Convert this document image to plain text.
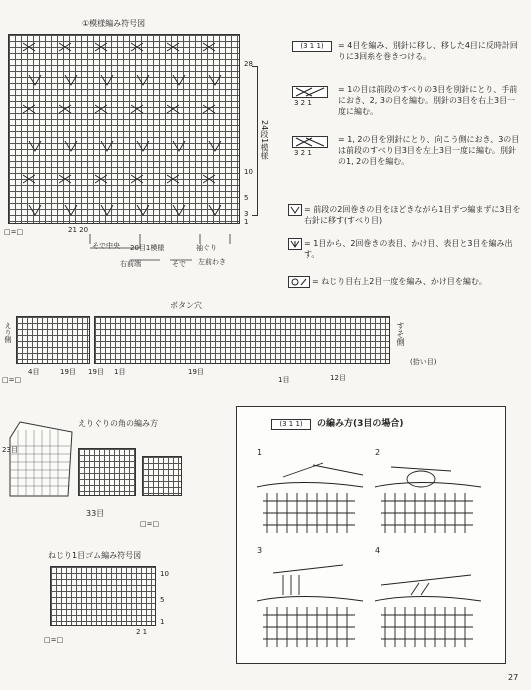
①模様編み符号図
28
10
5
3
1
24段1模様
21 20
□=□
そで中央 20目1模様	袖ぐり
右前端	そで 左前わき
(3 1 1)	= 4目を編み、別針に移し、移した4目に反時計回りに3回糸を巻きつける。
3 2 1
= 1の目は前段のすべりの3目を別針にとり、手前におき、2, 3の目を編む。別針の3目を右上3目一度に編む。
3 2 1
= 1, 2の目を別針にとり、向こう側におき、3の目は前段のすべり目3目を左上3目一度に編む。別針の1, 2の目を編む。
= 前段の2回巻きの目をほどきながら1目ずつ編まずに3目を右針に移す(すべり目)
= 1目から、2回巻きの表目、かけ目、表目と3目を編み出す。
= ねじり目右上2目一度を編み、かけ目を編む。
ボタン穴
えり側	すそ側
(拾い目)
□=□
4目	19目 19目 1目	19目
1目	12目
えりぐりの角の編み方
23目
33目
□=□
ねじり1目ゴム編み符号図
10
5
1
2 1
□=□
(3 1 1)	の編み方(3目の場合)
1	2
3	4
27
